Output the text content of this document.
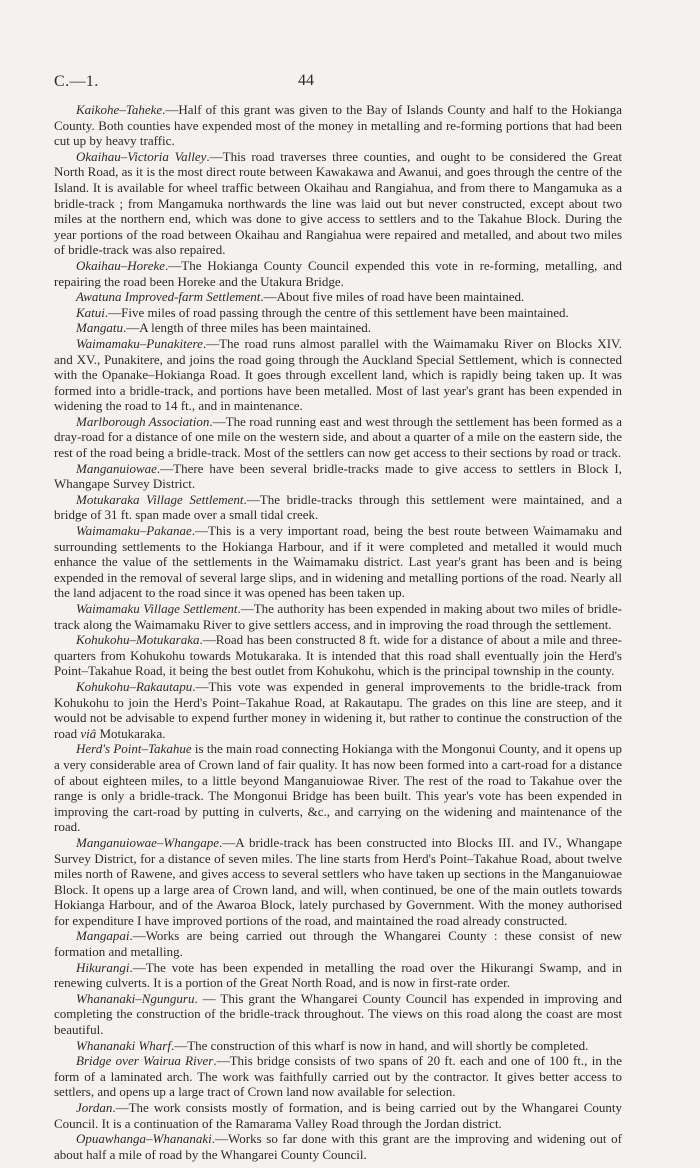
C.—1.	44

Kaikohe–Taheke.—Half of this grant was given to the Bay of Islands County and half to the Hokianga County. Both counties have expended most of the money in metalling and re-forming portions that had been cut up by heavy traffic.

Okaihau–Victoria Valley.—This road traverses three counties, and ought to be considered the Great North Road, as it is the most direct route between Kawakawa and Awanui, and goes through the centre of the Island. It is available for wheel traffic between Okaihau and Rangiahua, and from there to Mangamuka as a bridle-track ; from Mangamuka northwards the line was laid out but never constructed, except about two miles at the northern end, which was done to give access to settlers and to the Takahue Block. During the year portions of the road between Okaihau and Rangiahua were repaired and metalled, and about two miles of bridle-track was also repaired.

Okaihau–Horeke.—The Hokianga County Council expended this vote in re-forming, metalling, and repairing the road been Horeke and the Utakura Bridge.

Awatuna Improved-farm Settlement.—About five miles of road have been maintained.

Katui.—Five miles of road passing through the centre of this settlement have been maintained.

Mangatu.—A length of three miles has been maintained.

Waimamaku–Punakitere.—The road runs almost parallel with the Waimamaku River on Blocks XIV. and XV., Punakitere, and joins the road going through the Auckland Special Settlement, which is connected with the Opanake–Hokianga Road. It goes through excellent land, which is rapidly being taken up. It was formed into a bridle-track, and portions have been metalled. Most of last year's grant has been expended in widening the road to 14 ft., and in maintenance.

Marlborough Association.—The road running east and west through the settlement has been formed as a dray-road for a distance of one mile on the western side, and about a quarter of a mile on the eastern side, the rest of the road being a bridle-track. Most of the settlers can now get access to their sections by road or track.

Manganuiowae.—There have been several bridle-tracks made to give access to settlers in Block I, Whangape Survey District.

Motukaraka Village Settlement.—The bridle-tracks through this settlement were maintained, and a bridge of 31 ft. span made over a small tidal creek.

Waimamaku–Pakanae.—This is a very important road, being the best route between Waimamaku and surrounding settlements to the Hokianga Harbour, and if it were completed and metalled it would much enhance the value of the settlements in the Waimamaku district. Last year's grant has been and is being expended in the removal of several large slips, and in widening and metalling portions of the road. Nearly all the land adjacent to the road since it was opened has been taken up.

Waimamaku Village Settlement.—The authority has been expended in making about two miles of bridle-track along the Waimamaku River to give settlers access, and in improving the road through the settlement.

Kohukohu–Motukaraka.—Road has been constructed 8 ft. wide for a distance of about a mile and three-quarters from Kohukohu towards Motukaraka. It is intended that this road shall eventually join the Herd's Point–Takahue Road, it being the best outlet from Kohukohu, which is the principal township in the county.

Kohukohu–Rakautapu.—This vote was expended in general improvements to the bridle-track from Kohukohu to join the Herd's Point–Takahue Road, at Rakautapu. The grades on this line are steep, and it would not be advisable to expend further money in widening it, but rather to continue the construction of the road viâ Motukaraka.

Herd's Point–Takahue is the main road connecting Hokianga with the Mongonui County, and it opens up a very considerable area of Crown land of fair quality. It has now been formed into a cart-road for a distance of about eighteen miles, to a little beyond Manganuiowae River. The rest of the road to Takahue over the range is only a bridle-track. The Mongonui Bridge has been built. This year's vote has been expended in improving the cart-road by putting in culverts, &c., and carrying on the widening and maintenance of the road.

Manganuiowae–Whangape.—A bridle-track has been constructed into Blocks III. and IV., Whangape Survey District, for a distance of seven miles. The line starts from Herd's Point–Takahue Road, about twelve miles north of Rawene, and gives access to several settlers who have taken up sections in the Manganuiowae Block. It opens up a large area of Crown land, and will, when continued, be one of the main outlets towards Hokianga Harbour, and of the Awaroa Block, lately purchased by Government. With the money authorised for expenditure I have improved portions of the road, and maintained the road already constructed.

Mangapai.—Works are being carried out through the Whangarei County : these consist of new formation and metalling.

Hikurangi.—The vote has been expended in metalling the road over the Hikurangi Swamp, and in renewing culverts. It is a portion of the Great North Road, and is now in first-rate order.

Whananaki–Ngunguru. — This grant the Whangarei County Council has expended in improving and completing the construction of the bridle-track throughout. The views on this road along the coast are most beautiful.

Whananaki Wharf.—The construction of this wharf is now in hand, and will shortly be completed.

Bridge over Wairua River.—This bridge consists of two spans of 20 ft. each and one of 100 ft., in the form of a laminated arch. The work was faithfully carried out by the contractor. It gives better access to settlers, and opens up a large tract of Crown land now available for selection.

Jordan.—The work consists mostly of formation, and is being carried out by the Whangarei County Council. It is a continuation of the Ramarama Valley Road through the Jordan district.

Opuawhanga–Whananaki.—Works so far done with this grant are the improving and widening out of about half a mile of road by the Whangarei County Council.
